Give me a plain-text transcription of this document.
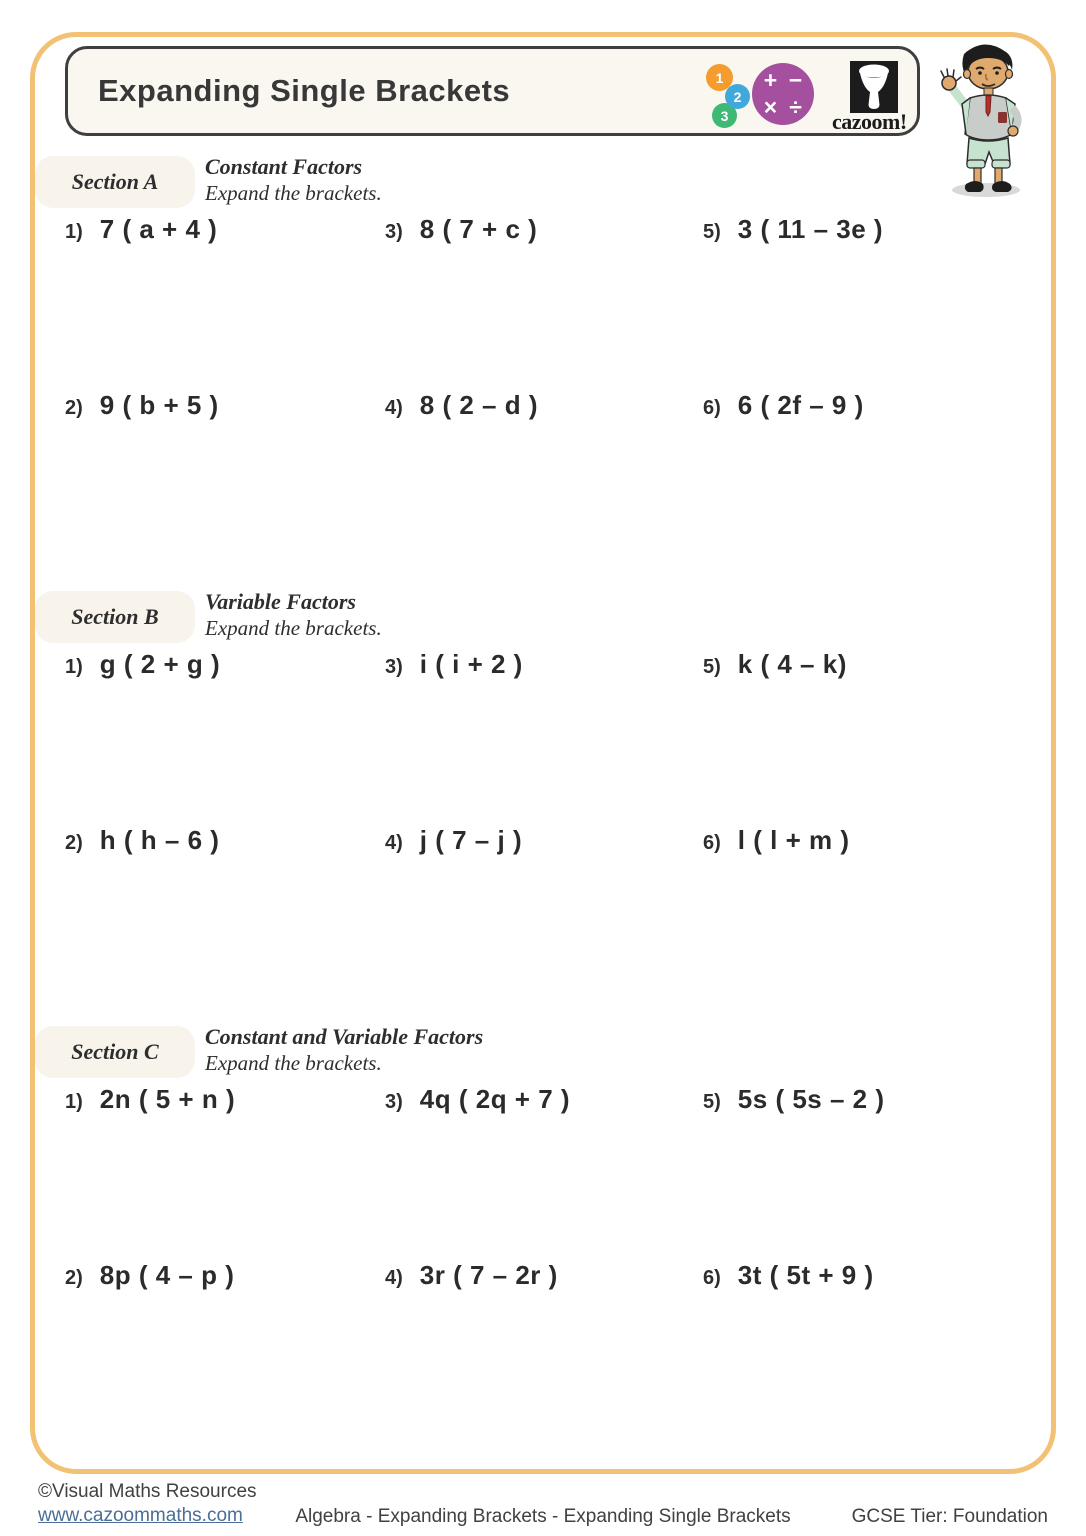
Expanding Single Brackets	1
2
3
+ −
× ÷
cazoom!
Section A
Constant Factors
Expand the brackets.
1) 7 ( a + 4 )	3) 8 ( 7 + c )	5) 3 ( 11 – 3e )
2) 9 ( b + 5 )	4) 8 ( 2 – d )	6) 6 ( 2f – 9 )
Section B
Variable Factors
Expand the brackets.
1) g ( 2 + g )	3) i ( i + 2 )	5) k ( 4 – k)
2) h ( h – 6 )	4) j ( 7 – j )	6) l ( l + m )
Section C
Constant and Variable Factors
Expand the brackets.
1) 2n ( 5 + n )	3) 4q ( 2q + 7 )	5) 5s ( 5s – 2 )
2) 8p ( 4 – p )	4) 3r ( 7 – 2r )	6) 3t ( 5t + 9 )
©Visual Maths Resources
www.cazoommaths.com	Algebra - Expanding Brackets - Expanding Single Brackets	GCSE Tier: Foundation
